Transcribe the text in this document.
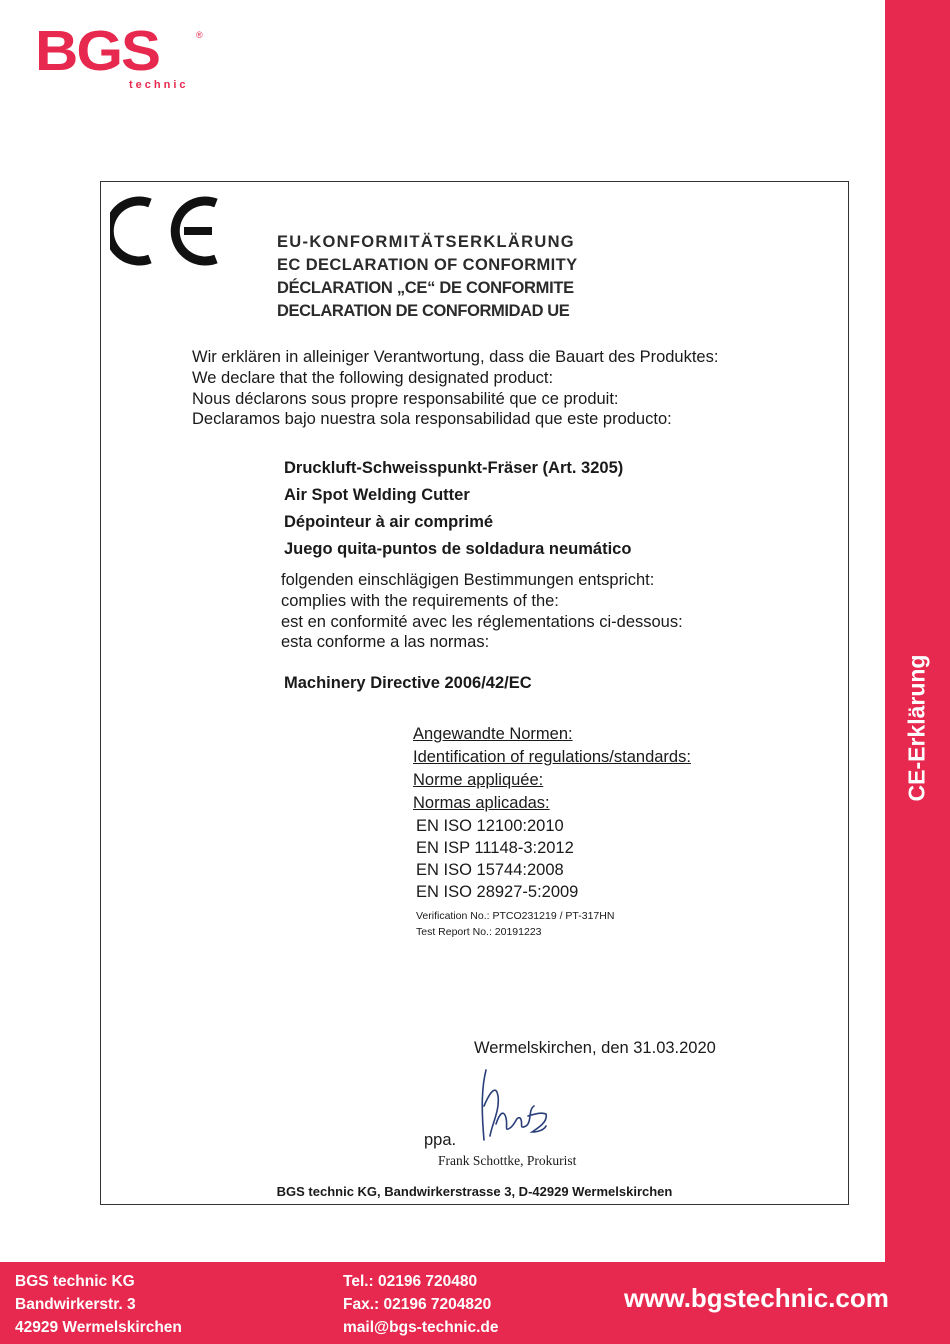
BGS	®
technic
CE-Erklärung
EU-KONFORMITÄTSERKLÄRUNG
EC DECLARATION OF CONFORMITY
DÉCLARATION „CE“ DE CONFORMITE
DECLARATION DE CONFORMIDAD UE
Wir erklären in alleiniger Verantwortung, dass die Bauart des Produktes:
We declare that the following designated product:
Nous déclarons sous propre responsabilité que ce produit:
Declaramos bajo nuestra sola responsabilidad que este producto:
Druckluft-Schweisspunkt-Fräser (Art. 3205)
Air Spot Welding Cutter
Dépointeur à air comprimé
Juego quita-puntos de soldadura neumático
folgenden einschlägigen Bestimmungen entspricht:
complies with the requirements of the:
est en conformité avec les réglementations ci-dessous:
esta conforme a las normas:
Machinery Directive 2006/42/EC
Angewandte Normen:
Identification of regulations/standards:
Norme appliquée:
Normas aplicadas:
EN ISO 12100:2010
EN ISP 11148-3:2012
EN ISO 15744:2008
EN ISO 28927-5:2009
Verification No.: PTCO231219 / PT-317HN
Test Report No.: 20191223
Wermelskirchen, den 31.03.2020
ppa.
Frank Schottke, Prokurist
BGS technic KG, Bandwirkerstrasse 3, D-42929 Wermelskirchen
BGS technic KG
Bandwirkerstr. 3
42929 Wermelskirchen
Tel.: 02196 720480
Fax.: 02196 7204820
mail@bgs-technic.de
www.bgstechnic.com
